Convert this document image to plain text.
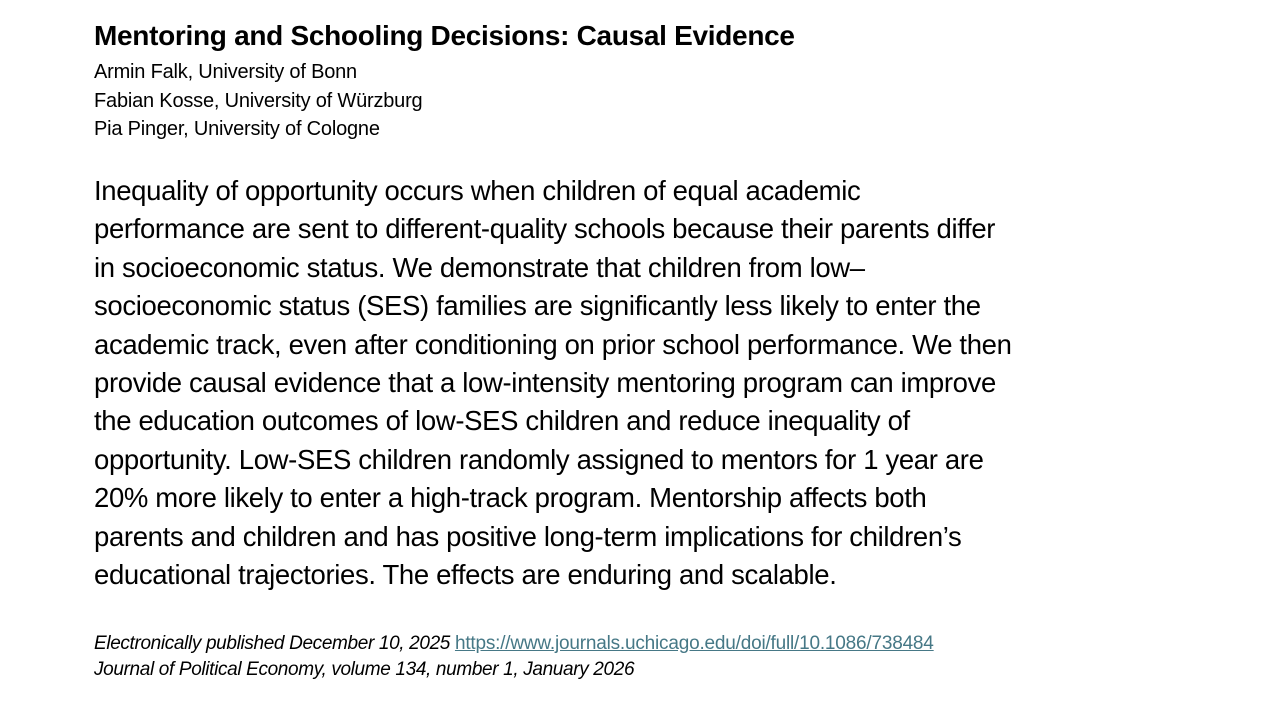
Mentoring and Schooling Decisions: Causal Evidence
Armin Falk, University of Bonn
Fabian Kosse, University of Würzburg
Pia Pinger, University of Cologne
Inequality of opportunity occurs when children of equal academic
performance are sent to different-quality schools because their parents differ
in socioeconomic status. We demonstrate that children from low–
socioeconomic status (SES) families are significantly less likely to enter the
academic track, even after conditioning on prior school performance. We then
provide causal evidence that a low-intensity mentoring program can improve
the education outcomes of low-SES children and reduce inequality of
opportunity. Low-SES children randomly assigned to mentors for 1 year are
20% more likely to enter a high-track program. Mentorship affects both
parents and children and has positive long-term implications for children’s
educational trajectories. The effects are enduring and scalable.
Electronically published December 10, 2025 https://www.journals.uchicago.edu/doi/full/10.1086/738484
Journal of Political Economy, volume 134, number 1, January 2026
